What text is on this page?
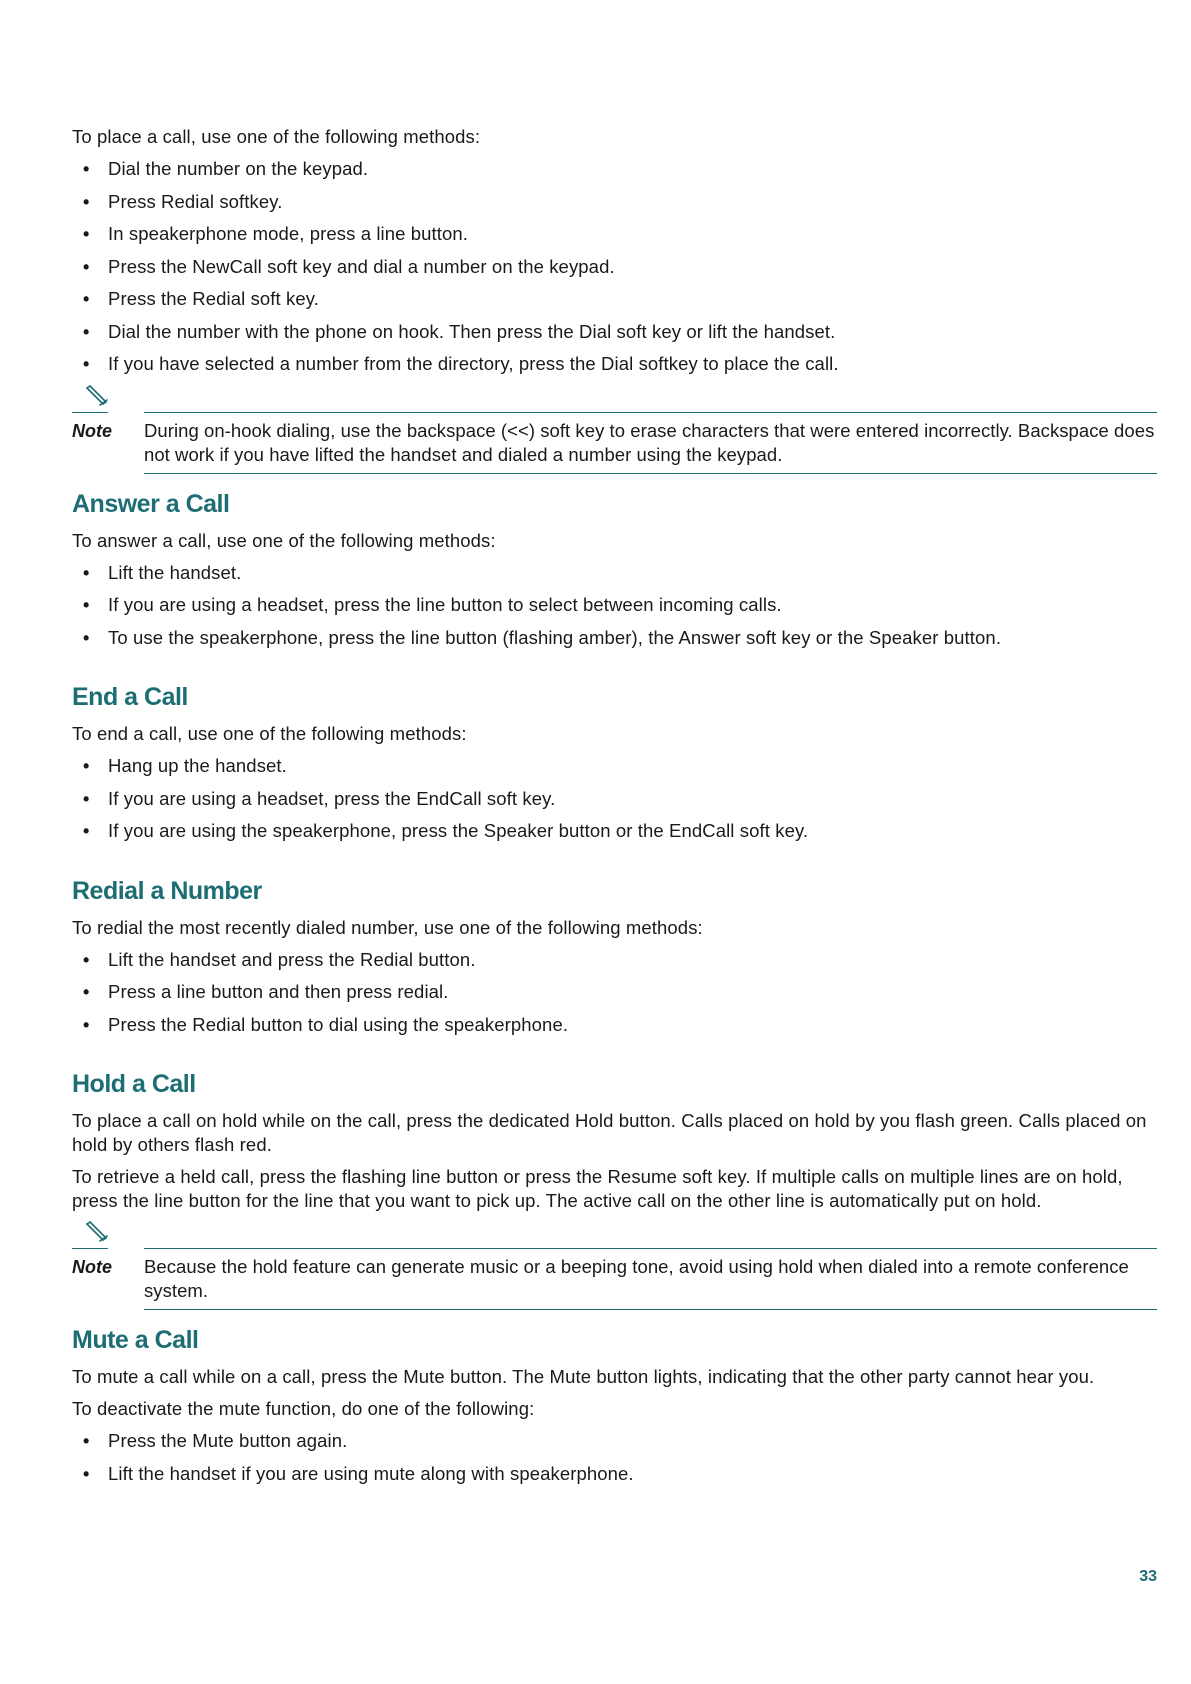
To place a call, use one of the following methods:

• Dial the number on the keypad.
• Press Redial softkey.
• In speakerphone mode, press a line button.
• Press the NewCall soft key and dial a number on the keypad.
• Press the Redial soft key.
• Dial the number with the phone on hook. Then press the Dial soft key or lift the handset.
• If you have selected a number from the directory, press the Dial softkey to place the call.
Note During on-hook dialing, use the backspace (<<) soft key to erase characters that were entered incorrectly. Backspace does not work if you have lifted the handset and dialed a number using the keypad.
Answer a Call

To answer a call, use one of the following methods:

• Lift the handset.
• If you are using a headset, press the line button to select between incoming calls.
• To use the speakerphone, press the line button (flashing amber), the Answer soft key or the Speaker button.
End a Call

To end a call, use one of the following methods:

• Hang up the handset.
• If you are using a headset, press the EndCall soft key.
• If you are using the speakerphone, press the Speaker button or the EndCall soft key.
Redial a Number

To redial the most recently dialed number, use one of the following methods:

• Lift the handset and press the Redial button.
• Press a line button and then press redial.
• Press the Redial button to dial using the speakerphone.
Hold a Call

To place a call on hold while on the call, press the dedicated Hold button. Calls placed on hold by you flash green. Calls placed on hold by others flash red.

To retrieve a held call, press the flashing line button or press the Resume soft key. If multiple calls on multiple lines are on hold, press the line button for the line that you want to pick up. The active call on the other line is automatically put on hold.

Note Because the hold feature can generate music or a beeping tone, avoid using hold when dialed into a remote conference system.
Mute a Call

To mute a call while on a call, press the Mute button. The Mute button lights, indicating that the other party cannot hear you.

To deactivate the mute function, do one of the following:

• Press the Mute button again.
• Lift the handset if you are using mute along with speakerphone.
33
